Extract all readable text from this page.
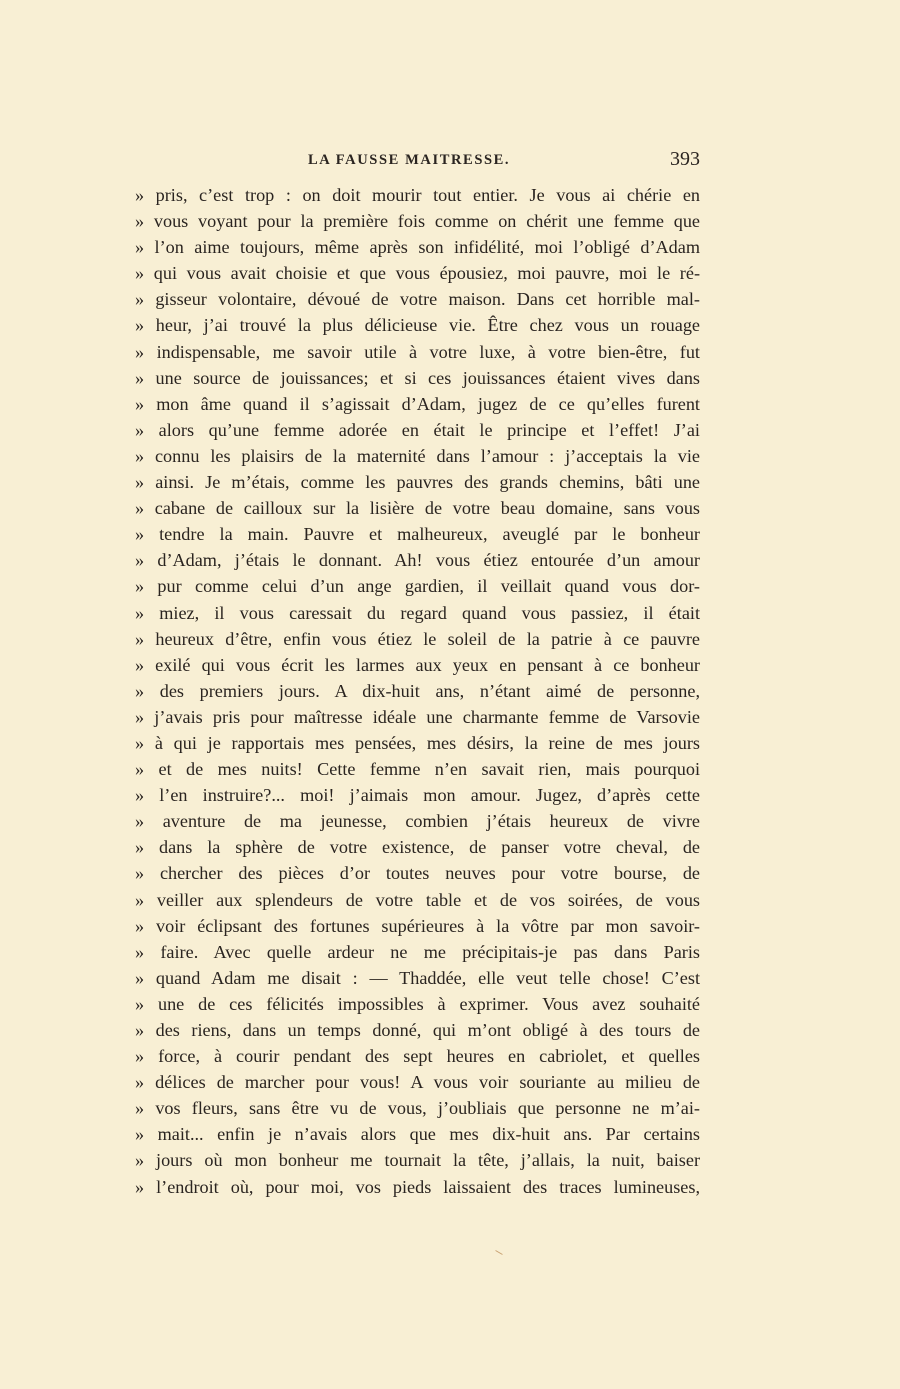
LA FAUSSE MAITRESSE.	393
» pris, c’est trop : on doit mourir tout entier. Je vous ai chérie en
» vous voyant pour la première fois comme on chérit une femme que
» l’on aime toujours, même après son infidélité, moi l’obligé d’Adam
» qui vous avait choisie et que vous épousiez, moi pauvre, moi le ré-
» gisseur volontaire, dévoué de votre maison. Dans cet horrible mal-
» heur, j’ai trouvé la plus délicieuse vie. Être chez vous un rouage
» indispensable, me savoir utile à votre luxe, à votre bien-être, fut
» une source de jouissances; et si ces jouissances étaient vives dans
» mon âme quand il s’agissait d’Adam, jugez de ce qu’elles furent
» alors qu’une femme adorée en était le principe et l’effet! J’ai
» connu les plaisirs de la maternité dans l’amour : j’acceptais la vie
» ainsi. Je m’étais, comme les pauvres des grands chemins, bâti une
» cabane de cailloux sur la lisière de votre beau domaine, sans vous
» tendre la main. Pauvre et malheureux, aveuglé par le bonheur
» d’Adam, j’étais le donnant. Ah! vous étiez entourée d’un amour
» pur comme celui d’un ange gardien, il veillait quand vous dor-
» miez, il vous caressait du regard quand vous passiez, il était
» heureux d’être, enfin vous étiez le soleil de la patrie à ce pauvre
» exilé qui vous écrit les larmes aux yeux en pensant à ce bonheur
» des premiers jours. A dix-huit ans, n’étant aimé de personne,
» j’avais pris pour maîtresse idéale une charmante femme de Varsovie
» à qui je rapportais mes pensées, mes désirs, la reine de mes jours
» et de mes nuits! Cette femme n’en savait rien, mais pourquoi
» l’en instruire?... moi! j’aimais mon amour. Jugez, d’après cette
» aventure de ma jeunesse, combien j’étais heureux de vivre
» dans la sphère de votre existence, de panser votre cheval, de
» chercher des pièces d’or toutes neuves pour votre bourse, de
» veiller aux splendeurs de votre table et de vos soirées, de vous
» voir éclipsant des fortunes supérieures à la vôtre par mon savoir-
» faire. Avec quelle ardeur ne me précipitais-je pas dans Paris
» quand Adam me disait : — Thaddée, elle veut telle chose! C’est
» une de ces félicités impossibles à exprimer. Vous avez souhaité
» des riens, dans un temps donné, qui m’ont obligé à des tours de
» force, à courir pendant des sept heures en cabriolet, et quelles
» délices de marcher pour vous! A vous voir souriante au milieu de
» vos fleurs, sans être vu de vous, j’oubliais que personne ne m’ai-
» mait... enfin je n’avais alors que mes dix-huit ans. Par certains
» jours où mon bonheur me tournait la tête, j’allais, la nuit, baiser
» l’endroit où, pour moi, vos pieds laissaient des traces lumineuses,
